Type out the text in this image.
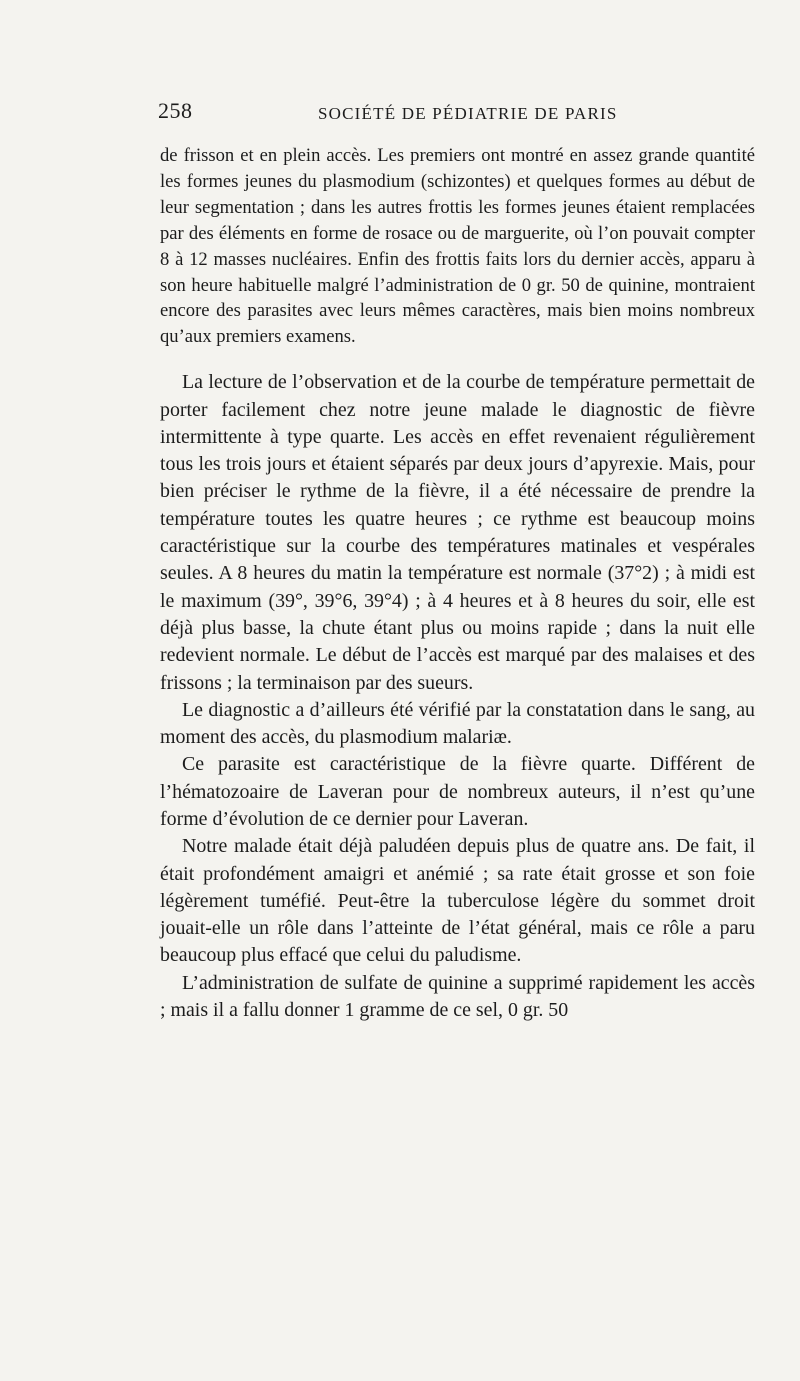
258	SOCIÉTÉ DE PÉDIATRIE DE PARIS

de frisson et en plein accès. Les premiers ont montré en assez grande quantité les formes jeunes du plasmodium (schizontes) et quelques formes au début de leur segmentation ; dans les autres frottis les formes jeunes étaient remplacées par des éléments en forme de rosace ou de marguerite, où l’on pouvait compter 8 à 12 masses nucléaires. Enfin des frottis faits lors du dernier accès, apparu à son heure habituelle malgré l’administration de 0 gr. 50 de quinine, montraient encore des parasites avec leurs mêmes caractères, mais bien moins nombreux qu’aux premiers examens.

La lecture de l’observation et de la courbe de température permettait de porter facilement chez notre jeune malade le diagnostic de fièvre intermittente à type quarte. Les accès en effet revenaient régulièrement tous les trois jours et étaient séparés par deux jours d’apyrexie. Mais, pour bien préciser le rythme de la fièvre, il a été nécessaire de prendre la température toutes les quatre heures ; ce rythme est beaucoup moins caractéristique sur la courbe des températures matinales et vespérales seules. A 8 heures du matin la température est normale (37°2) ; à midi est le maximum (39°, 39°6, 39°4) ; à 4 heures et à 8 heures du soir, elle est déjà plus basse, la chute étant plus ou moins rapide ; dans la nuit elle redevient normale. Le début de l’accès est marqué par des malaises et des frissons ; la terminaison par des sueurs.

Le diagnostic a d’ailleurs été vérifié par la constatation dans le sang, au moment des accès, du plasmodium malariæ.

Ce parasite est caractéristique de la fièvre quarte. Différent de l’hématozoaire de Laveran pour de nombreux auteurs, il n’est qu’une forme d’évolution de ce dernier pour Laveran.

Notre malade était déjà paludéen depuis plus de quatre ans. De fait, il était profondément amaigri et anémié ; sa rate était grosse et son foie légèrement tuméfié. Peut-être la tuberculose légère du sommet droit jouait-elle un rôle dans l’atteinte de l’état général, mais ce rôle a paru beaucoup plus effacé que celui du paludisme.

L’administration de sulfate de quinine a supprimé rapidement les accès ; mais il a fallu donner 1 gramme de ce sel, 0 gr. 50
